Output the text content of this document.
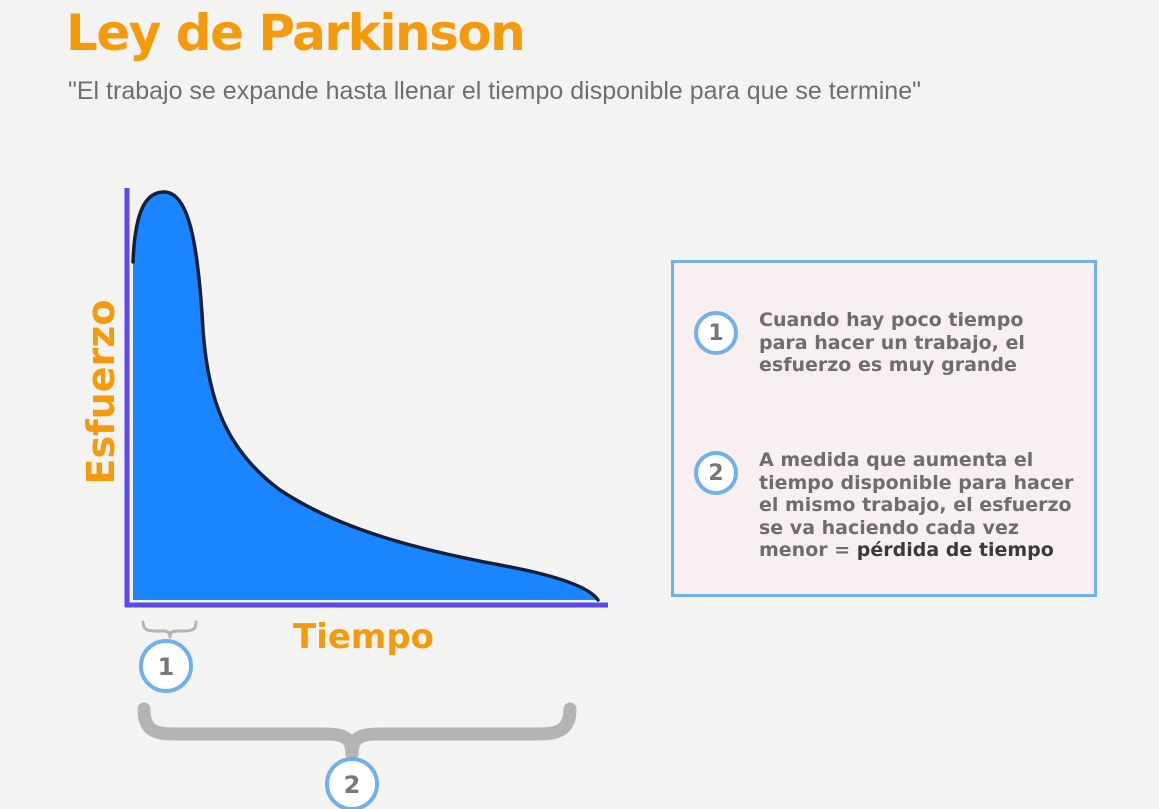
Ley de Parkinson

"El trabajo se expande hasta llenar el tiempo disponible para que se termine"

Esfuerzo
Tiempo
1
2
1
Cuando hay poco tiempo
para hacer un trabajo, el
esfuerzo es muy grande
2
A medida que aumenta el
tiempo disponible para hacer
el mismo trabajo, el esfuerzo
se va haciendo cada vez
menor = pérdida de tiempo
